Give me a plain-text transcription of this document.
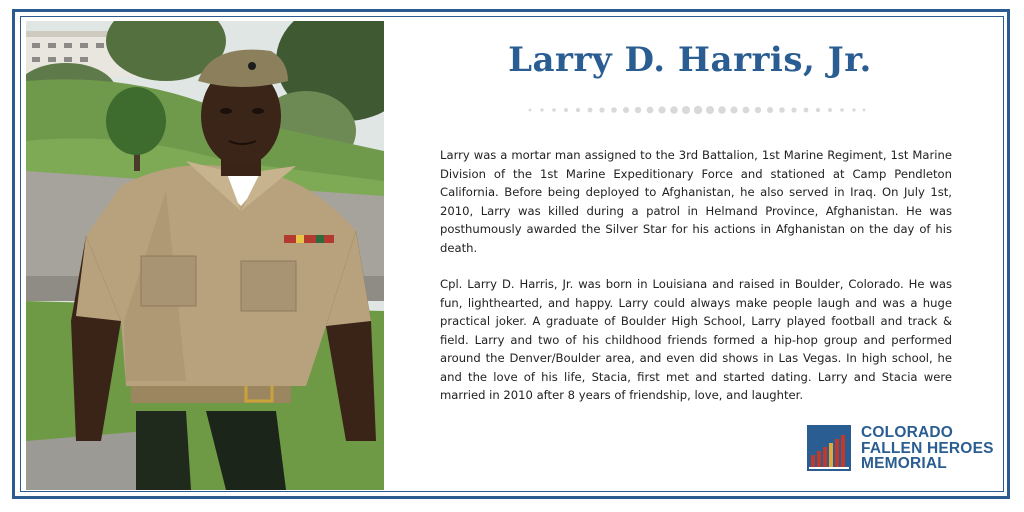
Larry D. Harris, Jr.

Larry was a mortar man assigned to the 3rd Battalion, 1st Marine Regiment, 1st Marine Division of the 1st Marine Expeditionary Force and stationed at Camp Pendleton California. Before being deployed to Afghanistan, he also served in Iraq. On July 1st, 2010, Larry was killed during a patrol in Helmand Province, Afghanistan. He was posthumously awarded the Silver Star for his actions in Afghanistan on the day of his death.

Cpl. Larry D. Harris, Jr. was born in Louisiana and raised in Boulder, Colorado. He was fun, lighthearted, and happy. Larry could always make people laugh and was a huge practical joker. A graduate of Boulder High School, Larry played football and track & field. Larry and two of his childhood friends formed a hip-hop group and performed around the Denver/Boulder area, and even did shows in Las Vegas. In high school, he and the love of his life, Stacia, first met and started dating. Larry and Stacia were married in 2010 after 8 years of friendship, love, and laughter.

COLORADO
FALLEN HEROES
MEMORIAL
